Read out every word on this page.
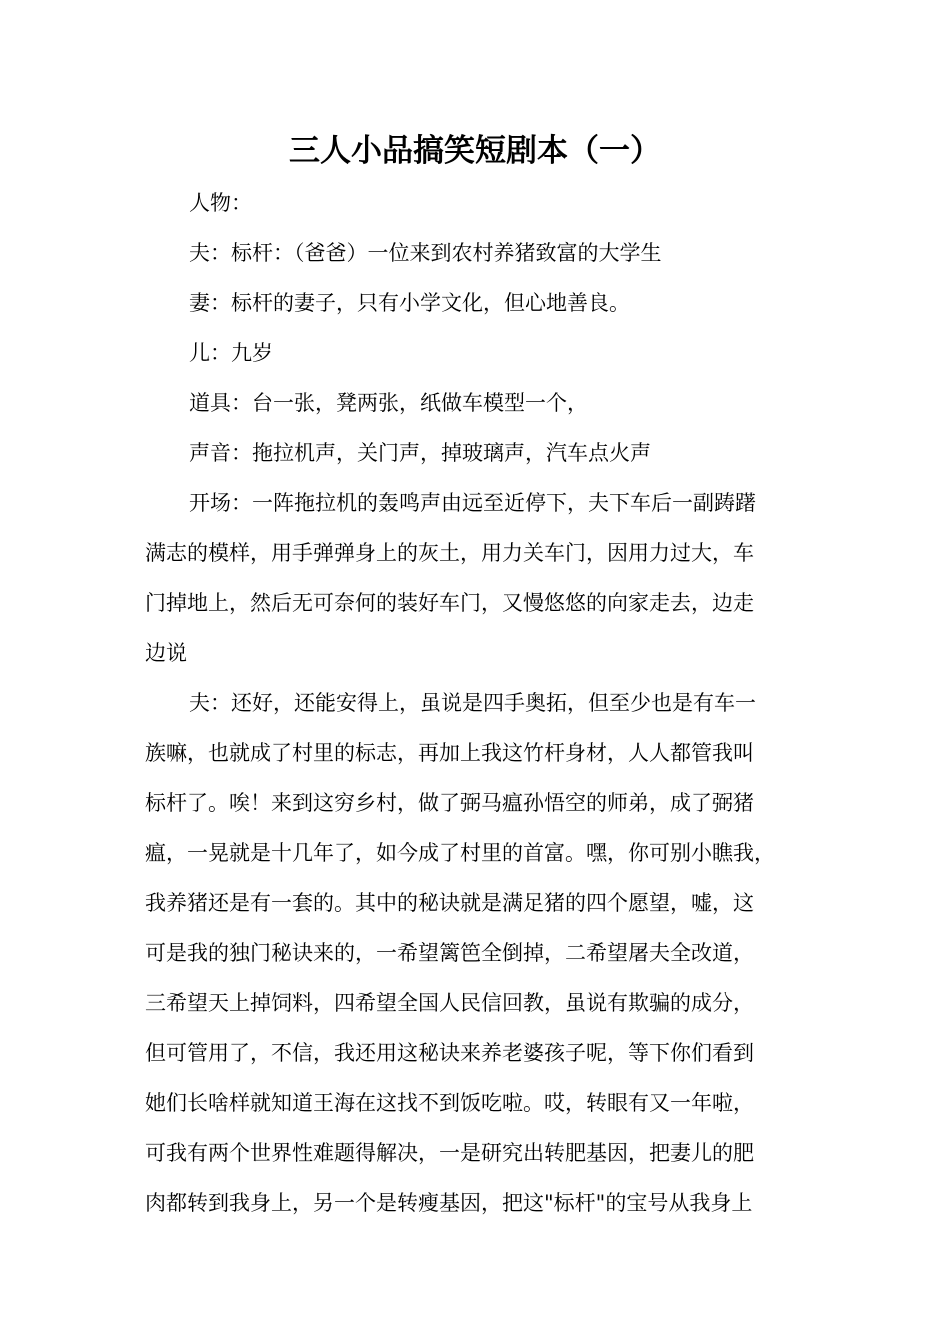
三人小品搞笑短剧本（一）
人物：
夫：标杆：（爸爸）一位来到农村养猪致富的大学生
妻：标杆的妻子，只有小学文化，但心地善良。
儿：九岁
道具：台一张，凳两张，纸做车模型一个，
声音：拖拉机声，关门声，掉玻璃声，汽车点火声
开场：一阵拖拉机的轰鸣声由远至近停下，夫下车后一副踌躇
满志的模样，用手弹弹身上的灰土，用力关车门，因用力过大，车
门掉地上，然后无可奈何的装好车门，又慢悠悠的向家走去，边走
边说
夫：还好，还能安得上，虽说是四手奥拓，但至少也是有车一
族嘛，也就成了村里的标志，再加上我这竹杆身材，人人都管我叫
标杆了。唉！来到这穷乡村，做了弼马瘟孙悟空的师弟，成了弼猪
瘟，一晃就是十几年了，如今成了村里的首富。嘿，你可别小瞧我，
我养猪还是有一套的。其中的秘诀就是满足猪的四个愿望，嘘，这
可是我的独门秘诀来的，一希望篱笆全倒掉，二希望屠夫全改道，
三希望天上掉饲料，四希望全国人民信回教，虽说有欺骗的成分，
但可管用了，不信，我还用这秘诀来养老婆孩子呢，等下你们看到
她们长啥样就知道王海在这找不到饭吃啦。哎，转眼有又一年啦，
可我有两个世界性难题得解决，一是研究出转肥基因，把妻儿的肥
肉都转到我身上，另一个是转瘦基因，把这"标杆"的宝号从我身上
